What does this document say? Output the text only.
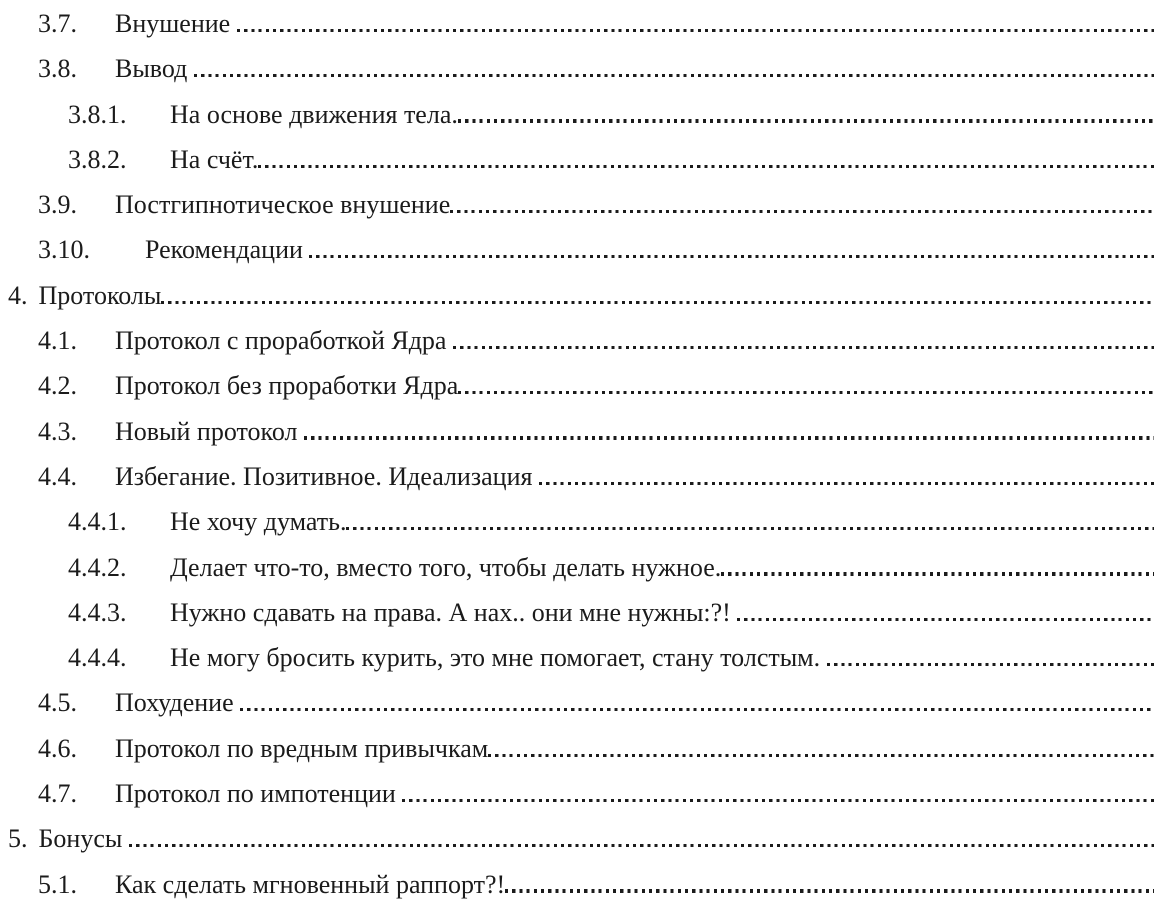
3.7.	Внушение
3.8.	Вывод
3.8.1.	На основе движения тела.
3.8.2.	На счёт.
3.9.	Постгипнотическое внушение
3.10.	Рекомендации
4. Протоколы
4.1.	Протокол с проработкой Ядра
4.2.	Протокол без проработки Ядра
4.3.	Новый протокол
4.4.	Избегание. Позитивное. Идеализация
4.4.1.	Не хочу думать.
4.4.2.	Делает что-то, вместо того, чтобы делать нужное.
4.4.3.	Нужно сдавать на права. А нах.. они мне нужны:?!
4.4.4.	Не могу бросить курить, это мне помогает, стану толстым.
4.5.	Похудение
4.6.	Протокол по вредным привычкам
4.7.	Протокол по импотенции
5. Бонусы
5.1.	Как сделать мгновенный раппорт?!
